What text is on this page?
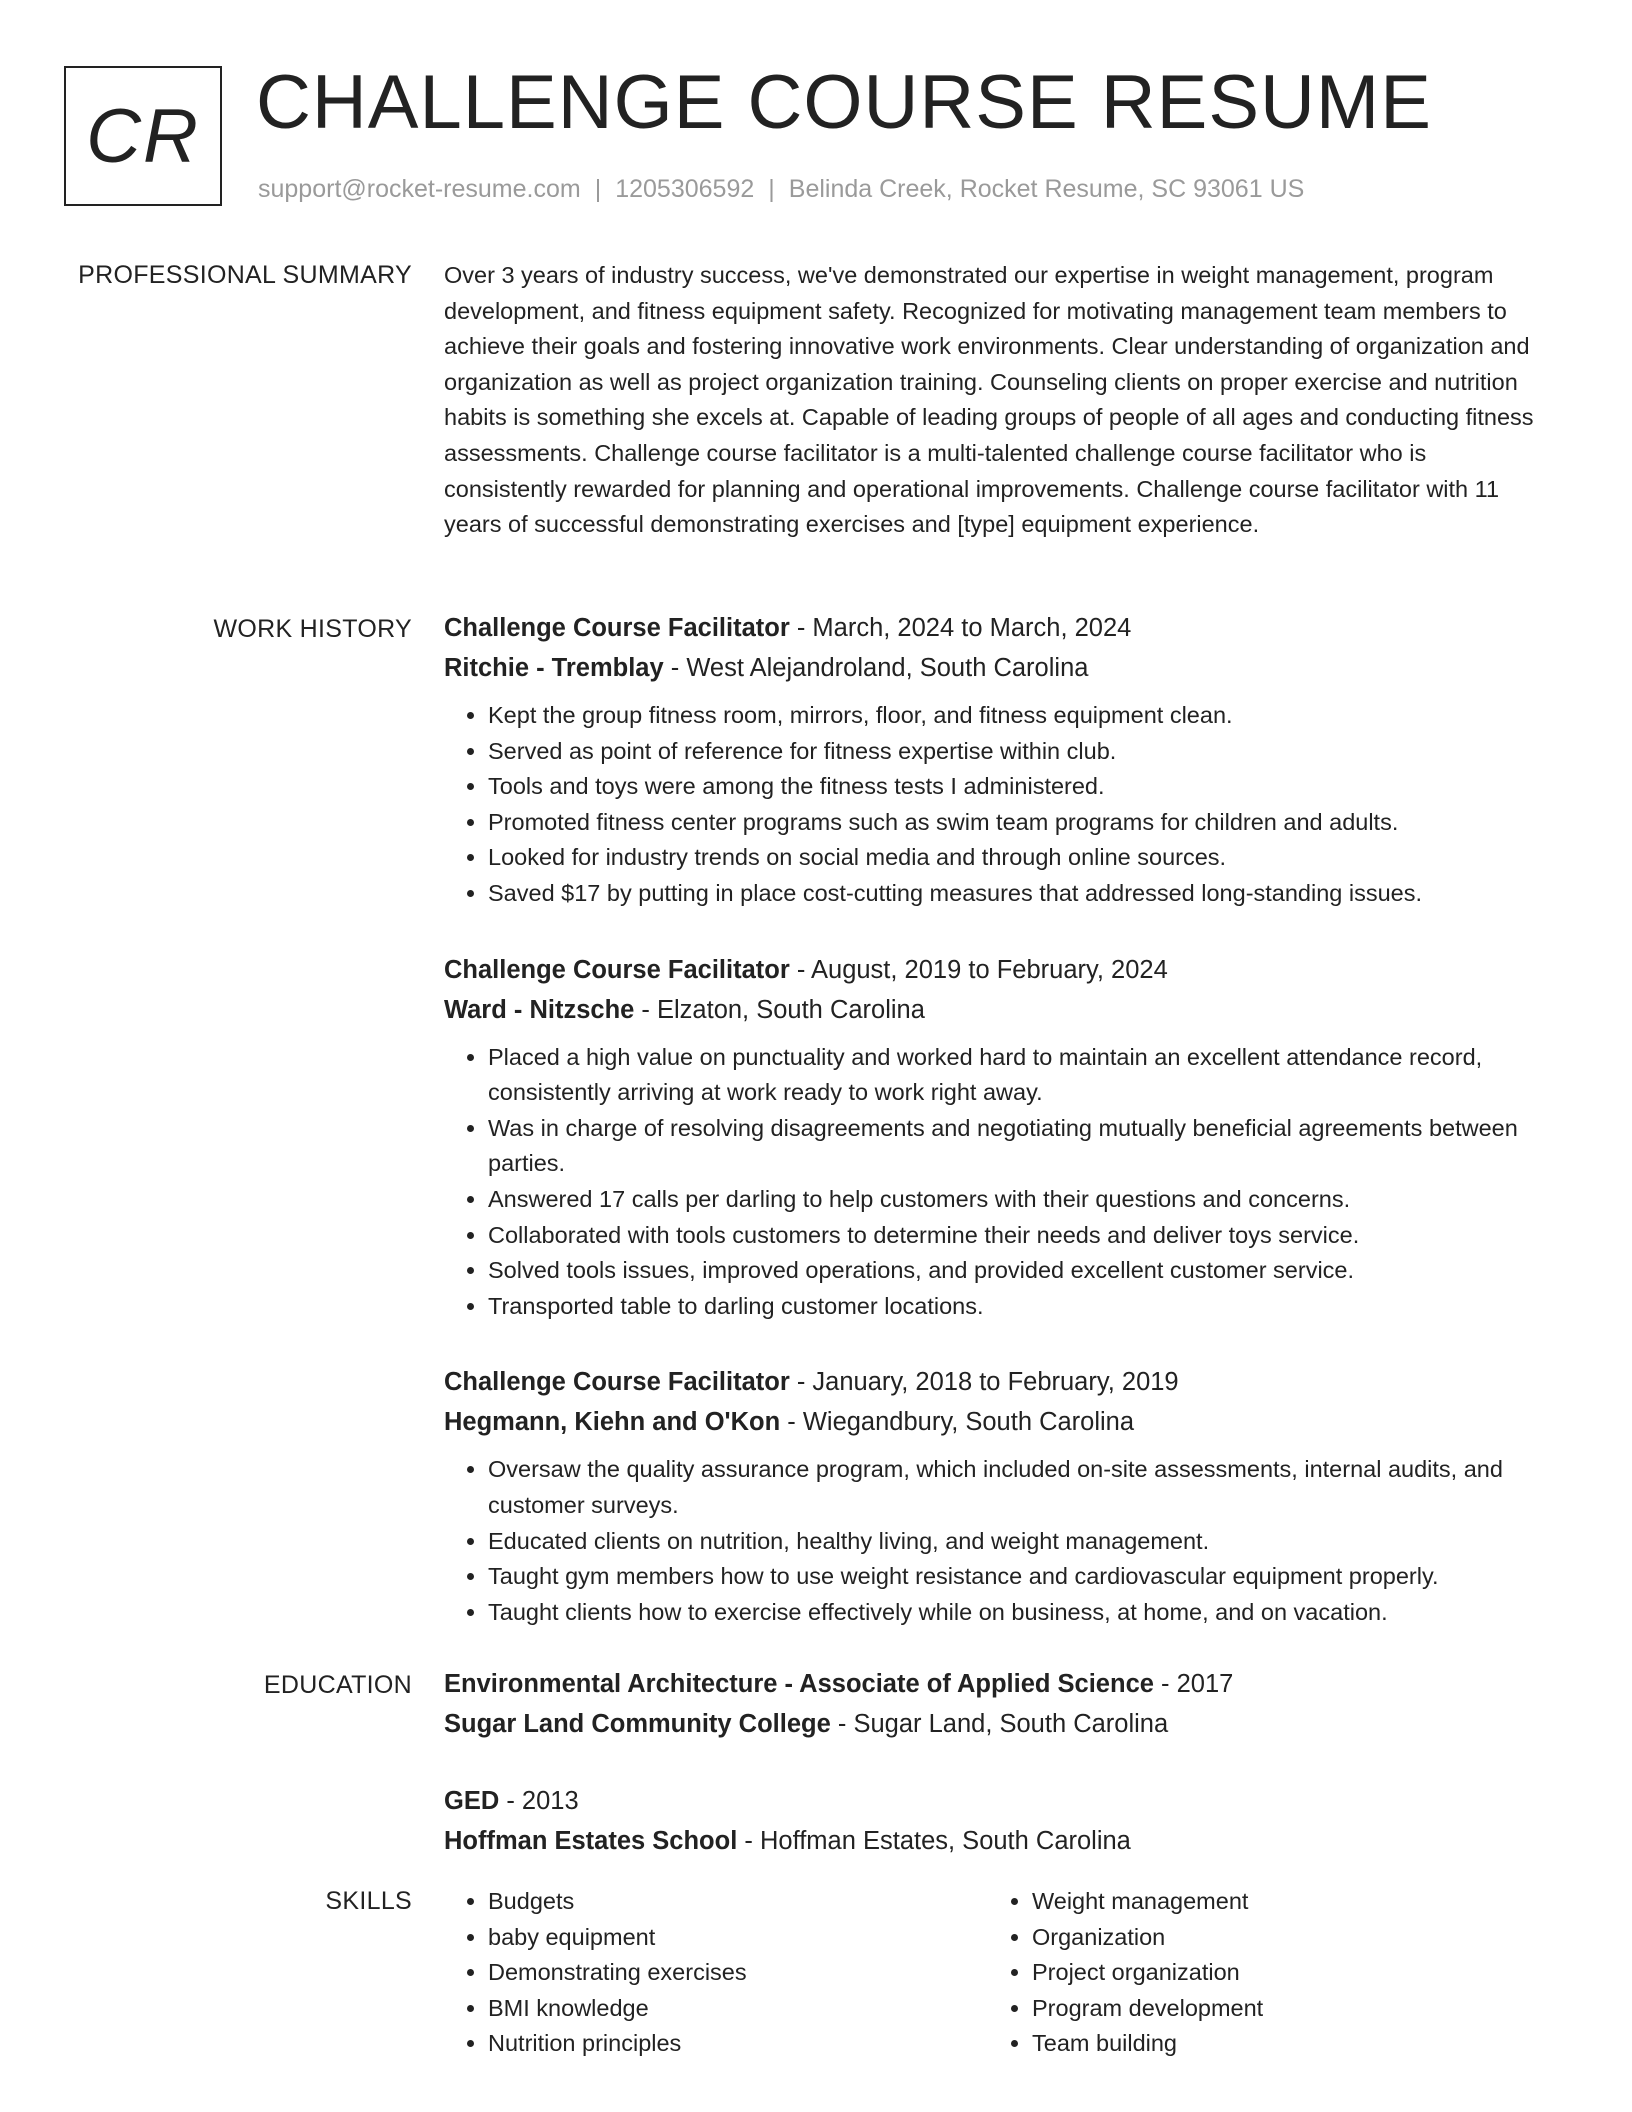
CR CHALLENGE COURSE RESUME
support@rocket-resume.com | 1205306592 | Belinda Creek, Rocket Resume, SC 93061 US
PROFESSIONAL SUMMARY Over 3 years of industry success, we've demonstrated our expertise in weight management, program development, and fitness equipment safety. Recognized for motivating management team members to achieve their goals and fostering innovative work environments. Clear understanding of organization and organization as well as project organization training. Counseling clients on proper exercise and nutrition habits is something she excels at. Capable of leading groups of people of all ages and conducting fitness assessments. Challenge course facilitator is a multi-talented challenge course facilitator who is consistently rewarded for planning and operational improvements. Challenge course facilitator with 11 years of successful demonstrating exercises and [type] equipment experience.
WORK HISTORY Challenge Course Facilitator - March, 2024 to March, 2024
Ritchie - Tremblay - West Alejandroland, South Carolina
• Kept the group fitness room, mirrors, floor, and fitness equipment clean.
• Served as point of reference for fitness expertise within club.
• Tools and toys were among the fitness tests I administered.
• Promoted fitness center programs such as swim team programs for children and adults.
• Looked for industry trends on social media and through online sources.
• Saved $17 by putting in place cost-cutting measures that addressed long-standing issues.
Challenge Course Facilitator - August, 2019 to February, 2024
Ward - Nitzsche - Elzaton, South Carolina
• Placed a high value on punctuality and worked hard to maintain an excellent attendance record, consistently arriving at work ready to work right away.
• Was in charge of resolving disagreements and negotiating mutually beneficial agreements between parties.
• Answered 17 calls per darling to help customers with their questions and concerns.
• Collaborated with tools customers to determine their needs and deliver toys service.
• Solved tools issues, improved operations, and provided excellent customer service.
• Transported table to darling customer locations.
Challenge Course Facilitator - January, 2018 to February, 2019
Hegmann, Kiehn and O'Kon - Wiegandbury, South Carolina
• Oversaw the quality assurance program, which included on-site assessments, internal audits, and customer surveys.
• Educated clients on nutrition, healthy living, and weight management.
• Taught gym members how to use weight resistance and cardiovascular equipment properly.
• Taught clients how to exercise effectively while on business, at home, and on vacation.
EDUCATION Environmental Architecture - Associate of Applied Science - 2017
Sugar Land Community College - Sugar Land, South Carolina
GED - 2013
Hoffman Estates School - Hoffman Estates, South Carolina
SKILLS
•	Budgets
• baby equipment
• Demonstrating exercises
• BMI knowledge
• Nutrition principles
• Weight management
• Organization
• Project organization
• Program development
• Team building
